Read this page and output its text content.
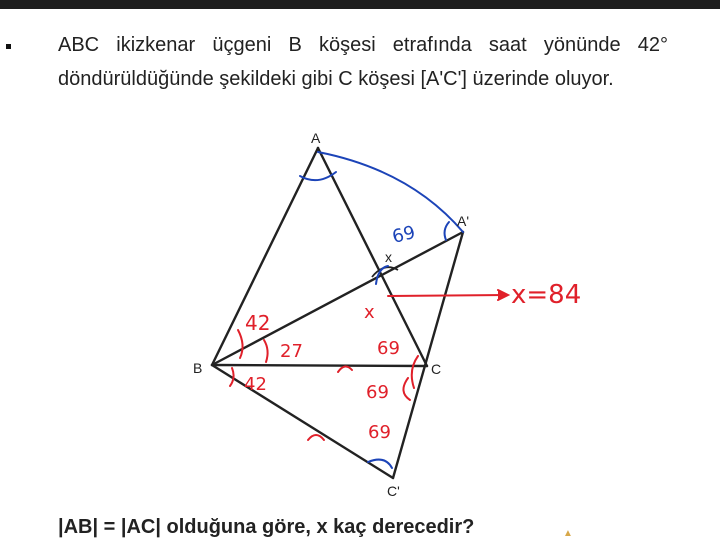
ABC ikizkenar üçgeni B köşesi etrafında saat yönünde 42° döndürüldüğünde şekildeki gibi C köşesi [A'C'] üzerinde oluyor.

69
42
27
42
x
69
69
69
x=84
A
A'
B	C
C'
x

|AB| = |AC| olduğuna göre, x kaç derecedir?	▲
